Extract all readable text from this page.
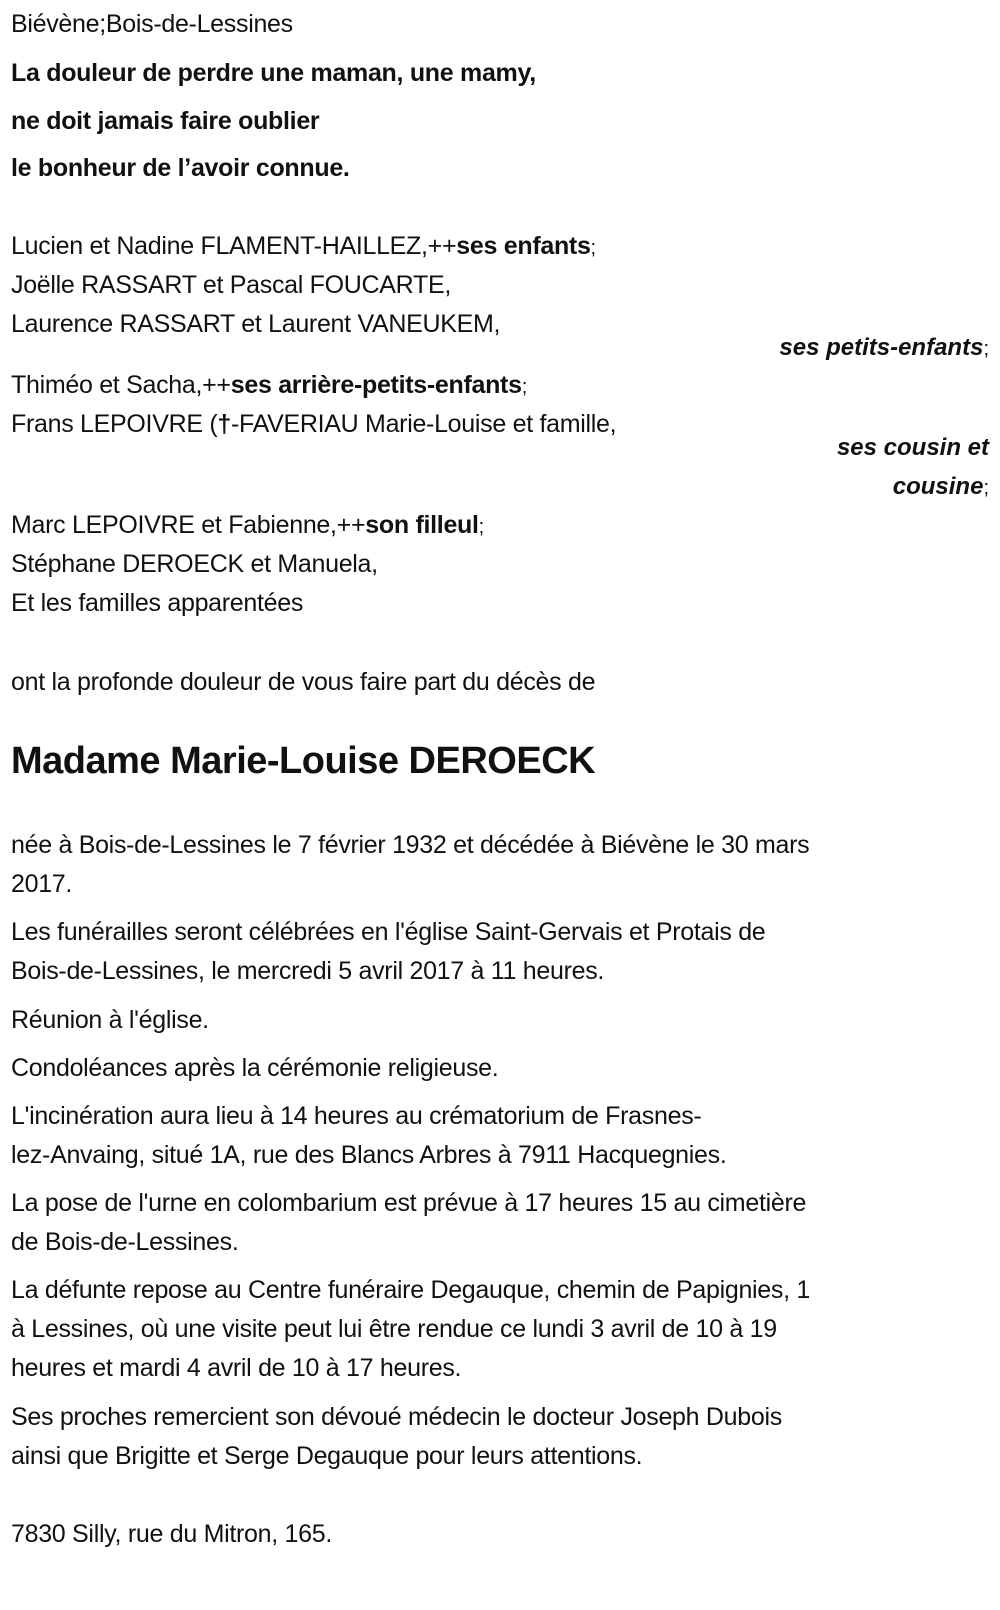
Biévène;Bois-de-Lessines
La douleur de perdre une maman, une mamy,
ne doit jamais faire oublier
le bonheur de l’avoir connue.
Lucien et Nadine FLAMENT-HAILLEZ,++ses enfants;
Joëlle RASSART et Pascal FOUCARTE,
Laurence RASSART et Laurent VANEUKEM,
Thiméo et Sacha,++ses arrière-petits-enfants;
Frans LEPOIVRE (†-FAVERIAU Marie-Louise et famille,
Marc LEPOIVRE et Fabienne,++son filleul;
Stéphane DEROECK et Manuela,
Et les familles apparentées
ont la profonde douleur de vous faire part du décès de
Madame Marie-Louise DEROECK
née à Bois-de-Lessines le 7 février 1932 et décédée à Biévène le 30 mars
2017.
Les funérailles seront célébrées en l'église Saint-Gervais et Protais de
Bois-de-Lessines, le mercredi 5 avril 2017 à 11 heures.
Réunion à l'église.
Condoléances après la cérémonie religieuse.
L'incinération aura lieu à 14 heures au crématorium de Frasnes-
lez-Anvaing, situé 1A, rue des Blancs Arbres à 7911 Hacquegnies.
La pose de l'urne en colombarium est prévue à 17 heures 15 au cimetière
de Bois-de-Lessines.
La défunte repose au Centre funéraire Degauque, chemin de Papignies, 1
à Lessines, où une visite peut lui être rendue ce lundi 3 avril de 10 à 19
heures et mardi 4 avril de 10 à 17 heures.
Ses proches remercient son dévoué médecin le docteur Joseph Dubois
ainsi que Brigitte et Serge Degauque pour leurs attentions.
7830 Silly, rue du Mitron, 165.
ses petits-enfants;
ses cousin et
cousine;
